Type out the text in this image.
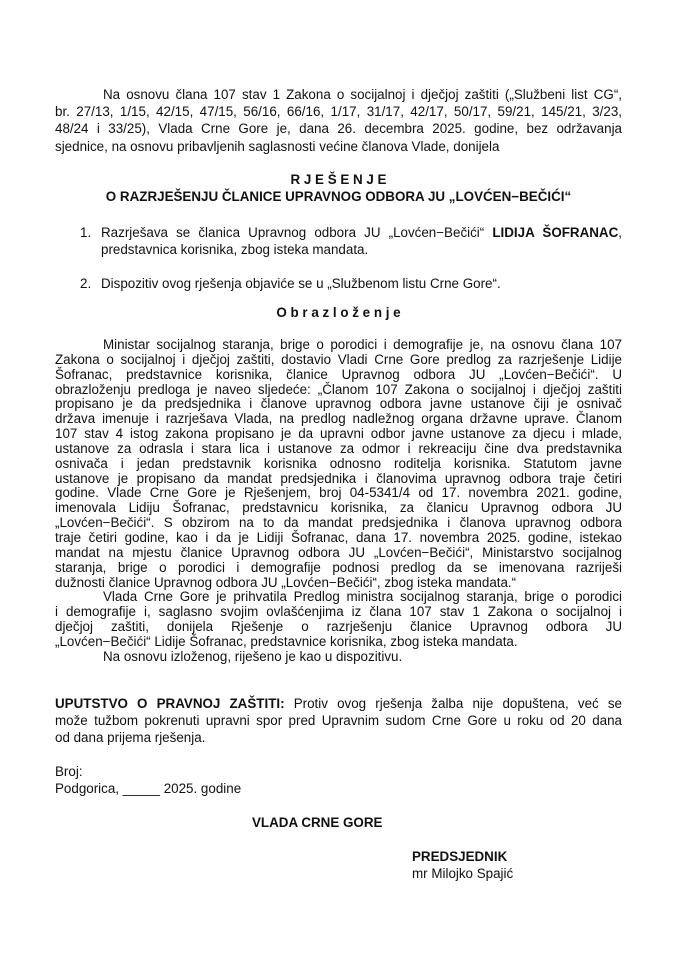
Na osnovu člana 107 stav 1 Zakona o socijalnoj i dječjoj zaštiti („Službeni list CG“,
br. 27/13, 1/15, 42/15, 47/15, 56/16, 66/16, 1/17, 31/17, 42/17, 50/17, 59/21, 145/21, 3/23,
48/24 i 33/25), Vlada Crne Gore je, dana 26. decembra 2025. godine, bez održavanja
sjednice, na osnovu pribavljenih saglasnosti većine članova Vlade, donijela
R J E Š E N J E
O RAZRJEŠENJU ČLANICE UPRAVNOG ODBORA JU „LOVĆEN−BEČIĆI“
1. Razrješava se članica Upravnog odbora JU „Lovćen−Bečići“ LIDIJA ŠOFRANAC,
predstavnica korisnika, zbog isteka mandata.
2. Dispozitiv ovog rješenja objaviće se u „Službenom listu Crne Gore“.
O b r a z l o ž e n j e
Ministar socijalnog staranja, brige o porodici i demografije je, na osnovu člana 107
Zakona o socijalnoj i dječjoj zaštiti, dostavio Vladi Crne Gore predlog za razrješenje Lidije
Šofranac, predstavnice korisnika, članice Upravnog odbora JU „Lovćen−Bečići“. U
obrazloženju predloga je naveo sljedeće: „Članom 107 Zakona o socijalnoj i dječjoj zaštiti
propisano je da predsjednika i članove upravnog odbora javne ustanove čiji je osnivač
država imenuje i razrješava Vlada, na predlog nadležnog organa državne uprave. Članom
107 stav 4 istog zakona propisano je da upravni odbor javne ustanove za djecu i mlade,
ustanove za odrasla i stara lica i ustanove za odmor i rekreaciju čine dva predstavnika
osnivača i jedan predstavnik korisnika odnosno roditelja korisnika. Statutom javne
ustanove je propisano da mandat predsjednika i članovima upravnog odbora traje četiri
godine. Vlade Crne Gore je Rješenjem, broj 04-5341/4 od 17. novembra 2021. godine,
imenovala Lidiju Šofranac, predstavnicu korisnika, za članicu Upravnog odbora JU
„Lovćen−Bečići“. S obzirom na to da mandat predsjednika i članova upravnog odbora
traje četiri godine, kao i da je Lidiji Šofranac, dana 17. novembra 2025. godine, istekao
mandat na mjestu članice Upravnog odbora JU „Lovćen−Bečići“, Ministarstvo socijalnog
staranja, brige o porodici i demografije podnosi predlog da se imenovana razriješi
dužnosti članice Upravnog odbora JU „Lovćen−Bečići“, zbog isteka mandata.“
Vlada Crne Gore je prihvatila Predlog ministra socijalnog staranja, brige o porodici
i demografije i, saglasno svojim ovlašćenjima iz člana 107 stav 1 Zakona o socijalnoj i
dječjoj zaštiti, donijela Rješenje o razrješenju članice Upravnog odbora JU
„Lovćen−Bečići“ Lidije Šofranac, predstavnice korisnika, zbog isteka mandata.
Na osnovu izloženog, riješeno je kao u dispozitivu.
UPUTSTVO O PRAVNOJ ZAŠTITI: Protiv ovog rješenja žalba nije dopuštena, već se
može tužbom pokrenuti upravni spor pred Upravnim sudom Crne Gore u roku od 20 dana
od dana prijema rješenja.
Broj:
Podgorica, _____ 2025. godine
VLADA CRNE GORE
PREDSJEDNIK
mr Milojko Spajić
